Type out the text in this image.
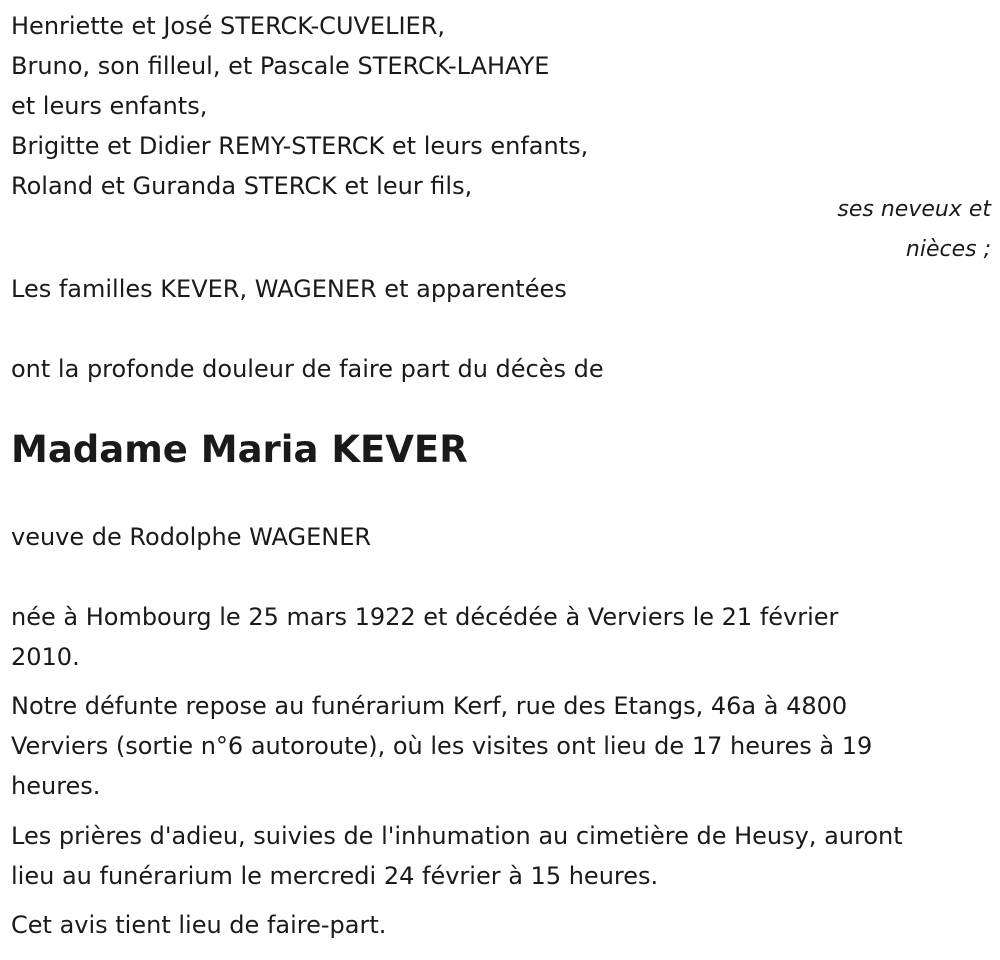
Henriette et José STERCK-CUVELIER,
Bruno, son filleul, et Pascale STERCK-LAHAYE
et leurs enfants,
Brigitte et Didier REMY-STERCK et leurs enfants,
Roland et Guranda STERCK et leur fils,
ses neveux et
nièces ;
Les familles KEVER, WAGENER et apparentées
ont la profonde douleur de faire part du décès de
Madame Maria KEVER
veuve de Rodolphe WAGENER
née à Hombourg le 25 mars 1922 et décédée à Verviers le 21 février
2010.
Notre défunte repose au funérarium Kerf, rue des Etangs, 46a à 4800
Verviers (sortie n°6 autoroute), où les visites ont lieu de 17 heures à 19
heures.
Les prières d'adieu, suivies de l'inhumation au cimetière de Heusy, auront
lieu au funérarium le mercredi 24 février à 15 heures.
Cet avis tient lieu de faire-part.
